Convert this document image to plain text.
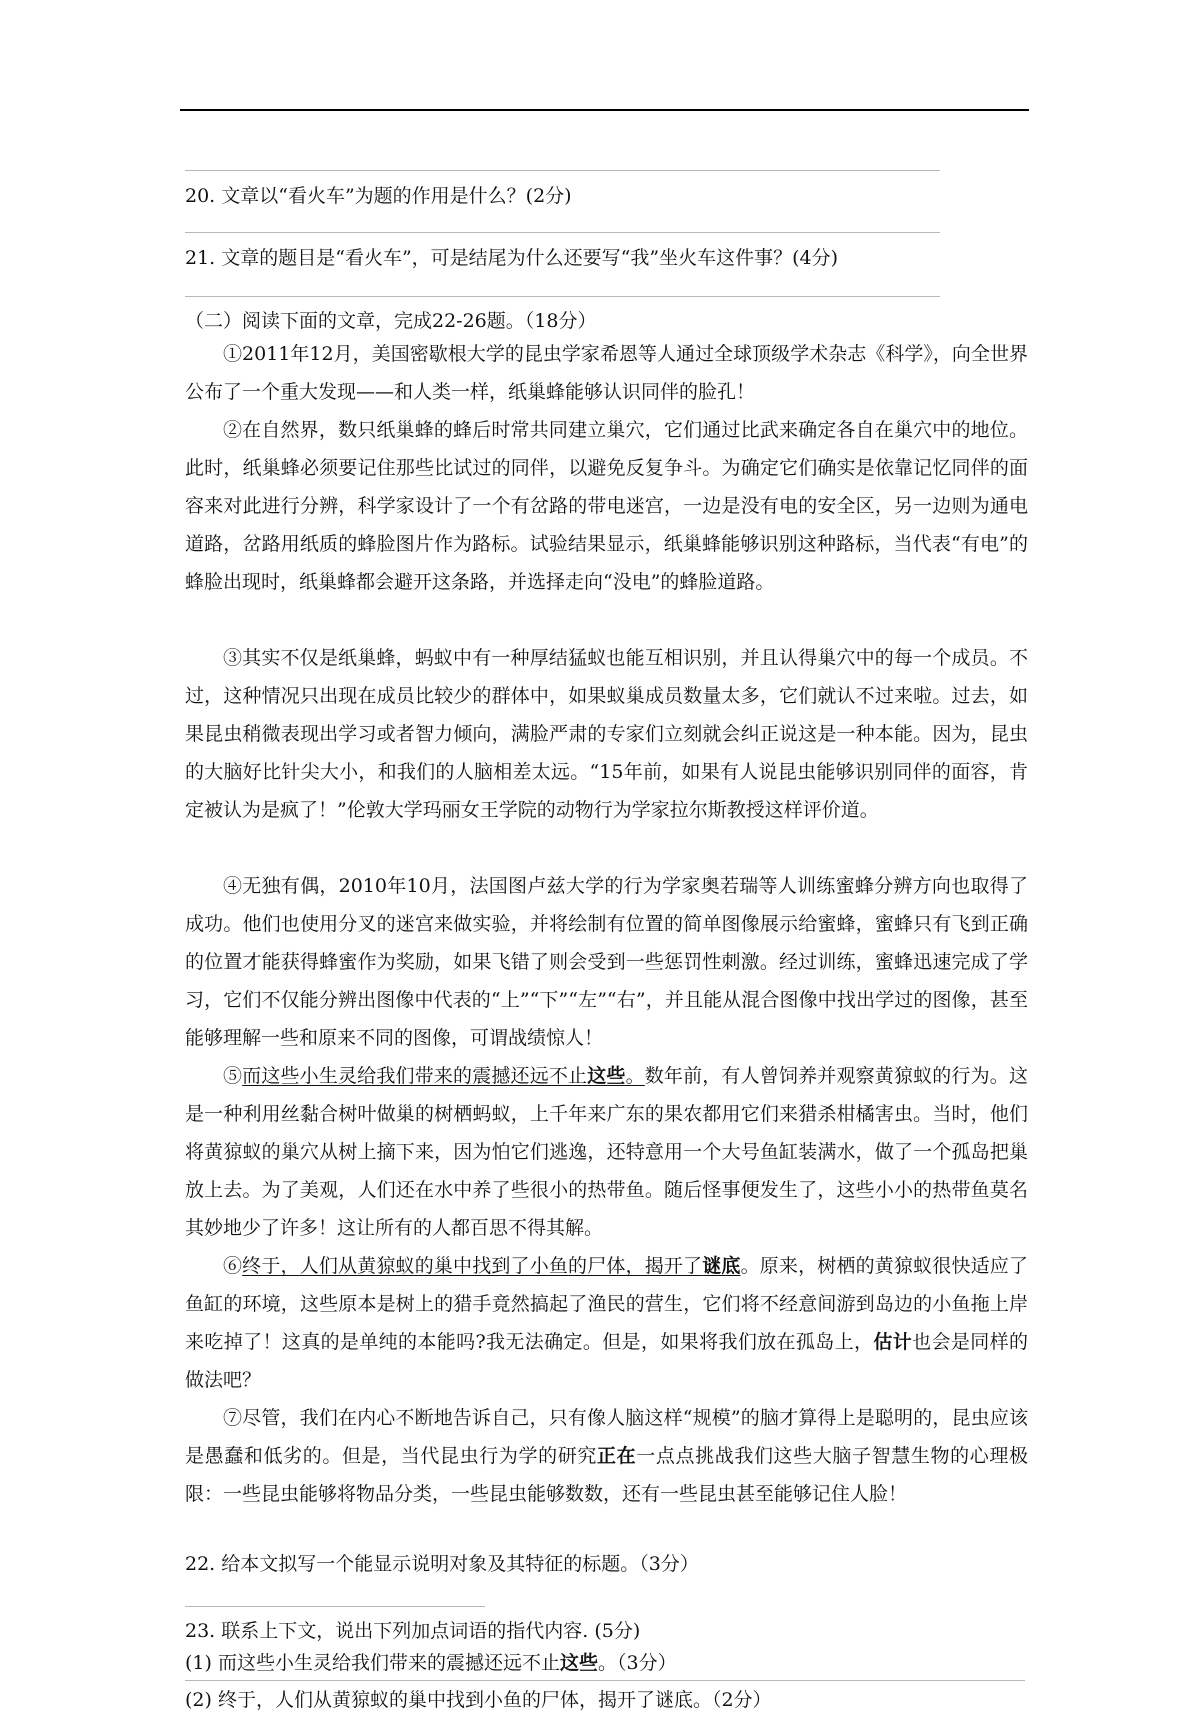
20. 文章以“看火车”为题的作用是什么？(2分)
21. 文章的题目是“看火车”，可是结尾为什么还要写“我”坐火车这件事？(4分)
（二）阅读下面的文章，完成22-26题。（18分）

①2011年12月，美国密歇根大学的昆虫学家希恩等人通过全球顶级学术杂志《科学》，向全世界公布了一个重大发现——和人类一样，纸巢蜂能够认识同伴的脸孔！

②在自然界，数只纸巢蜂的蜂后时常共同建立巢穴，它们通过比武来确定各自在巢穴中的地位。此时，纸巢蜂必须要记住那些比试过的同伴，以避免反复争斗。为确定它们确实是依靠记忆同伴的面容来对此进行分辨，科学家设计了一个有岔路的带电迷宫，一边是没有电的安全区，另一边则为通电道路，岔路用纸质的蜂脸图片作为路标。试验结果显示，纸巢蜂能够识别这种路标，当代表“有电”的蜂脸出现时，纸巢蜂都会避开这条路，并选择走向“没电”的蜂脸道路。

③其实不仅是纸巢蜂，蚂蚁中有一种厚结猛蚁也能互相识别，并且认得巢穴中的每一个成员。不过，这种情况只出现在成员比较少的群体中，如果蚁巢成员数量太多，它们就认不过来啦。过去，如果昆虫稍微表现出学习或者智力倾向，满脸严肃的专家们立刻就会纠正说这是一种本能。因为，昆虫的大脑好比针尖大小，和我们的人脑相差太远。“15年前，如果有人说昆虫能够识别同伴的面容，肯定被认为是疯了！”伦敦大学玛丽女王学院的动物行为学家拉尔斯教授这样评价道。

④无独有偶，2010年10月，法国图卢兹大学的行为学家奥若瑞等人训练蜜蜂分辨方向也取得了成功。他们也使用分叉的迷宫来做实验，并将绘制有位置的简单图像展示给蜜蜂，蜜蜂只有飞到正确的位置才能获得蜂蜜作为奖励，如果飞错了则会受到一些惩罚性刺激。经过训练，蜜蜂迅速完成了学习，它们不仅能分辨出图像中代表的“上”“下”“左”“右”，并且能从混合图像中找出学过的图像，甚至能够理解一些和原来不同的图像，可谓战绩惊人！

⑤而这些小生灵给我们带来的震撼还远不止这些。数年前，有人曾饲养并观察黄猄蚁的行为。这是一种利用丝黏合树叶做巢的树栖蚂蚁，上千年来广东的果农都用它们来猎杀柑橘害虫。当时，他们将黄猄蚁的巢穴从树上摘下来，因为怕它们逃逸，还特意用一个大号鱼缸装满水，做了一个孤岛把巢放上去。为了美观，人们还在水中养了些很小的热带鱼。随后怪事便发生了，这些小小的热带鱼莫名其妙地少了许多！这让所有的人都百思不得其解。

⑥终于，人们从黄猄蚁的巢中找到了小鱼的尸体，揭开了谜底。原来，树栖的黄猄蚁很快适应了鱼缸的环境，这些原本是树上的猎手竟然搞起了渔民的营生，它们将不经意间游到岛边的小鱼拖上岸来吃掉了！这真的是单纯的本能吗?我无法确定。但是，如果将我们放在孤岛上，估计也会是同样的做法吧？

⑦尽管，我们在内心不断地告诉自己，只有像人脑这样“规模”的脑才算得上是聪明的，昆虫应该是愚蠢和低劣的。但是，当代昆虫行为学的研究正在一点点挑战我们这些大脑子智慧生物的心理极限：一些昆虫能够将物品分类，一些昆虫能够数数，还有一些昆虫甚至能够记住人脸！

22. 给本文拟写一个能显示说明对象及其特征的标题。（3分）
23. 联系上下文，说出下列加点词语的指代内容. (5分)
(1) 而这些小生灵给我们带来的震撼还远不止这些。（3分）
(2) 终于，人们从黄猄蚁的巢中找到小鱼的尸体，揭开了谜底。（2分）
